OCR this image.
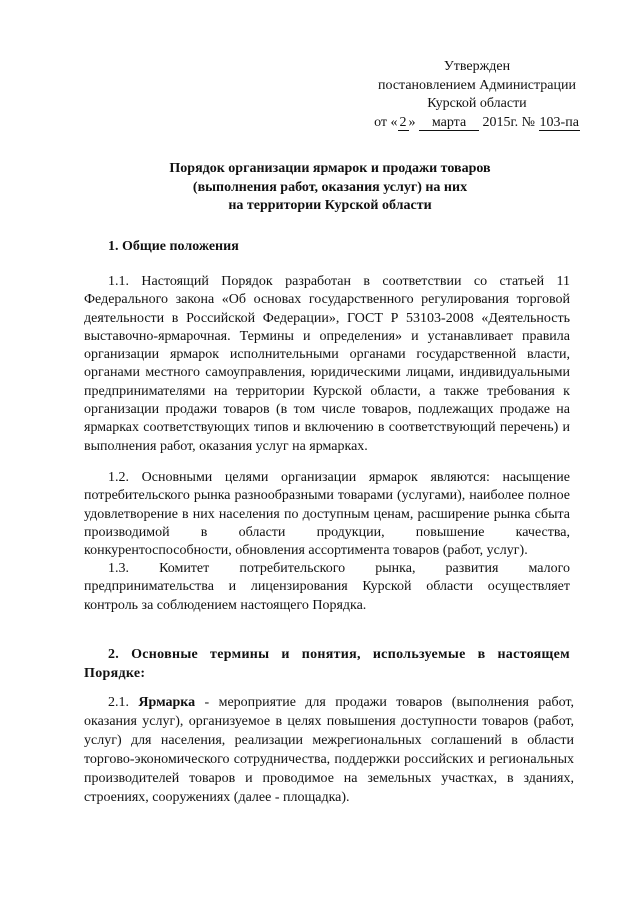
Утвержден
постановлением Администрации
Курской области
от « 2 » марта 2015г. № 103-па
Порядок организации ярмарок и продажи товаров
(выполнения работ, оказания услуг) на них
на территории Курской области
1. Общие положения
1.1. Настоящий Порядок разработан в соответствии со статьей 11 Федерального закона «Об основах государственного регулирования торговой деятельности в Российской Федерации», ГОСТ Р 53103-2008 «Деятельность выставочно-ярмарочная. Термины и определения» и устанавливает правила организации ярмарок исполнительными органами государственной власти, органами местного самоуправления, юридическими лицами, индивидуальными предпринимателями на территории Курской области, а также требования к организации продажи товаров (в том числе товаров, подлежащих продаже на ярмарках соответствующих типов и включению в соответствующий перечень) и выполнения работ, оказания услуг на ярмарках.
1.2. Основными целями организации ярмарок являются: насыщение потребительского рынка разнообразными товарами (услугами), наиболее полное удовлетворение в них населения по доступным ценам, расширение рынка сбыта производимой в области продукции, повышение качества, конкурентоспособности, обновления ассортимента товаров (работ, услуг).
1.3. Комитет потребительского рынка, развития малого предпринимательства и лицензирования Курской области осуществляет контроль за соблюдением настоящего Порядка.
2. Основные термины и понятия, используемые в настоящем Порядке:
2.1. Ярмарка - мероприятие для продажи товаров (выполнения работ, оказания услуг), организуемое в целях повышения доступности товаров (работ, услуг) для населения, реализации межрегиональных соглашений в области торгово-экономического сотрудничества, поддержки российских и региональных производителей товаров и проводимое на земельных участках, в зданиях, строениях, сооружениях (далее - площадка).
